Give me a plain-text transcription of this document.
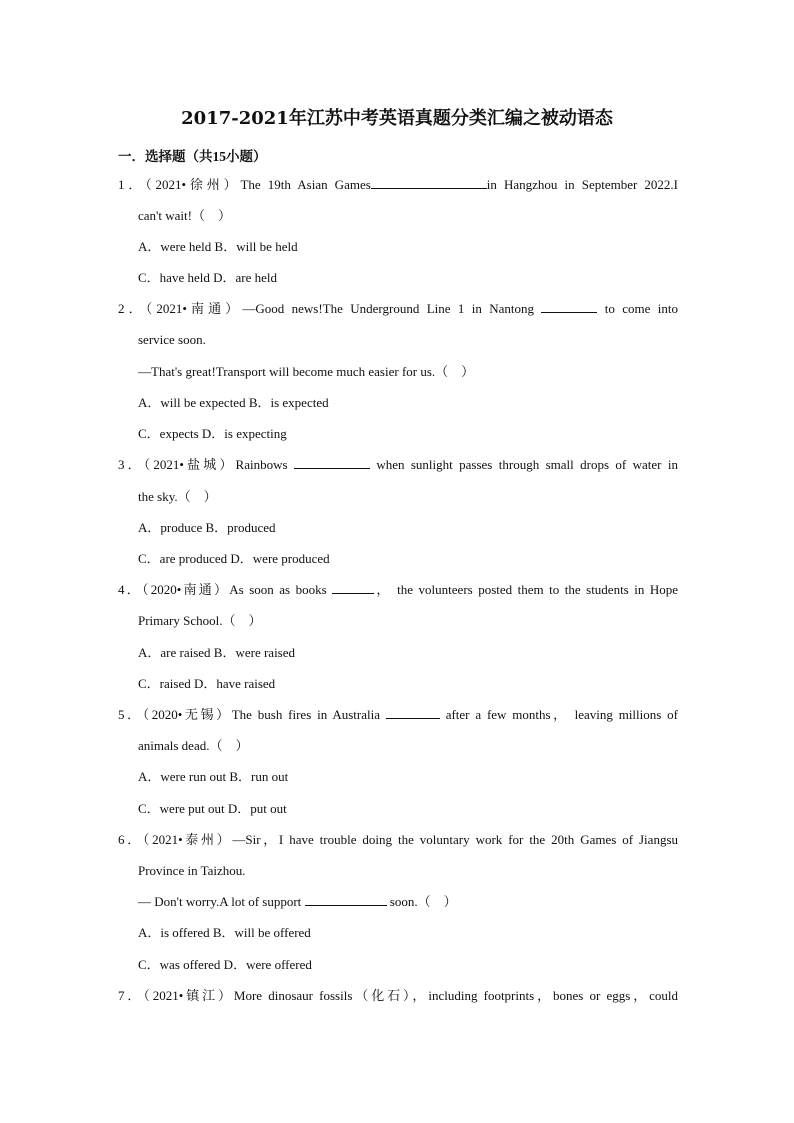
2017-2021年江苏中考英语真题分类汇编之被动语态
一．选择题（共15小题）
1．（2021•徐州）The 19th Asian Games	in Hangzhou in September 2022.I
can't wait!（　）
A．were held B．will be held
C．have held D．are held
2．（2021•南通）—Good news!The Underground Line 1 in Nantong	to come into
service soon.
—That's great!Transport will become much easier for us.（　）
A．will be expected B．is expected
C．expects D．is expecting
3．（2021•盐城）Rainbows	when sunlight passes through small drops of water in
the sky.（　）
A．produce B．produced
C．are produced D．were produced
4．（2020•南通）As soon as books	， the volunteers posted them to the students in Hope
Primary School.（　）
A．are raised B．were raised
C．raised D．have raised
5．（2020•无锡）The bush fires in Australia	after a few months， leaving millions of
animals dead.（　）
A．were run out B．run out
C．were put out D．put out
6．（2021•泰州）—Sir，I have trouble doing the voluntary work for the 20th Games of Jiangsu
Province in Taizhou.
— Don't worry.A lot of support	soon.（　）
A．is offered B．will be offered
C．was offered D．were offered
7．（2021•镇江）More dinosaur fossils（化石），including footprints，bones or eggs，could
